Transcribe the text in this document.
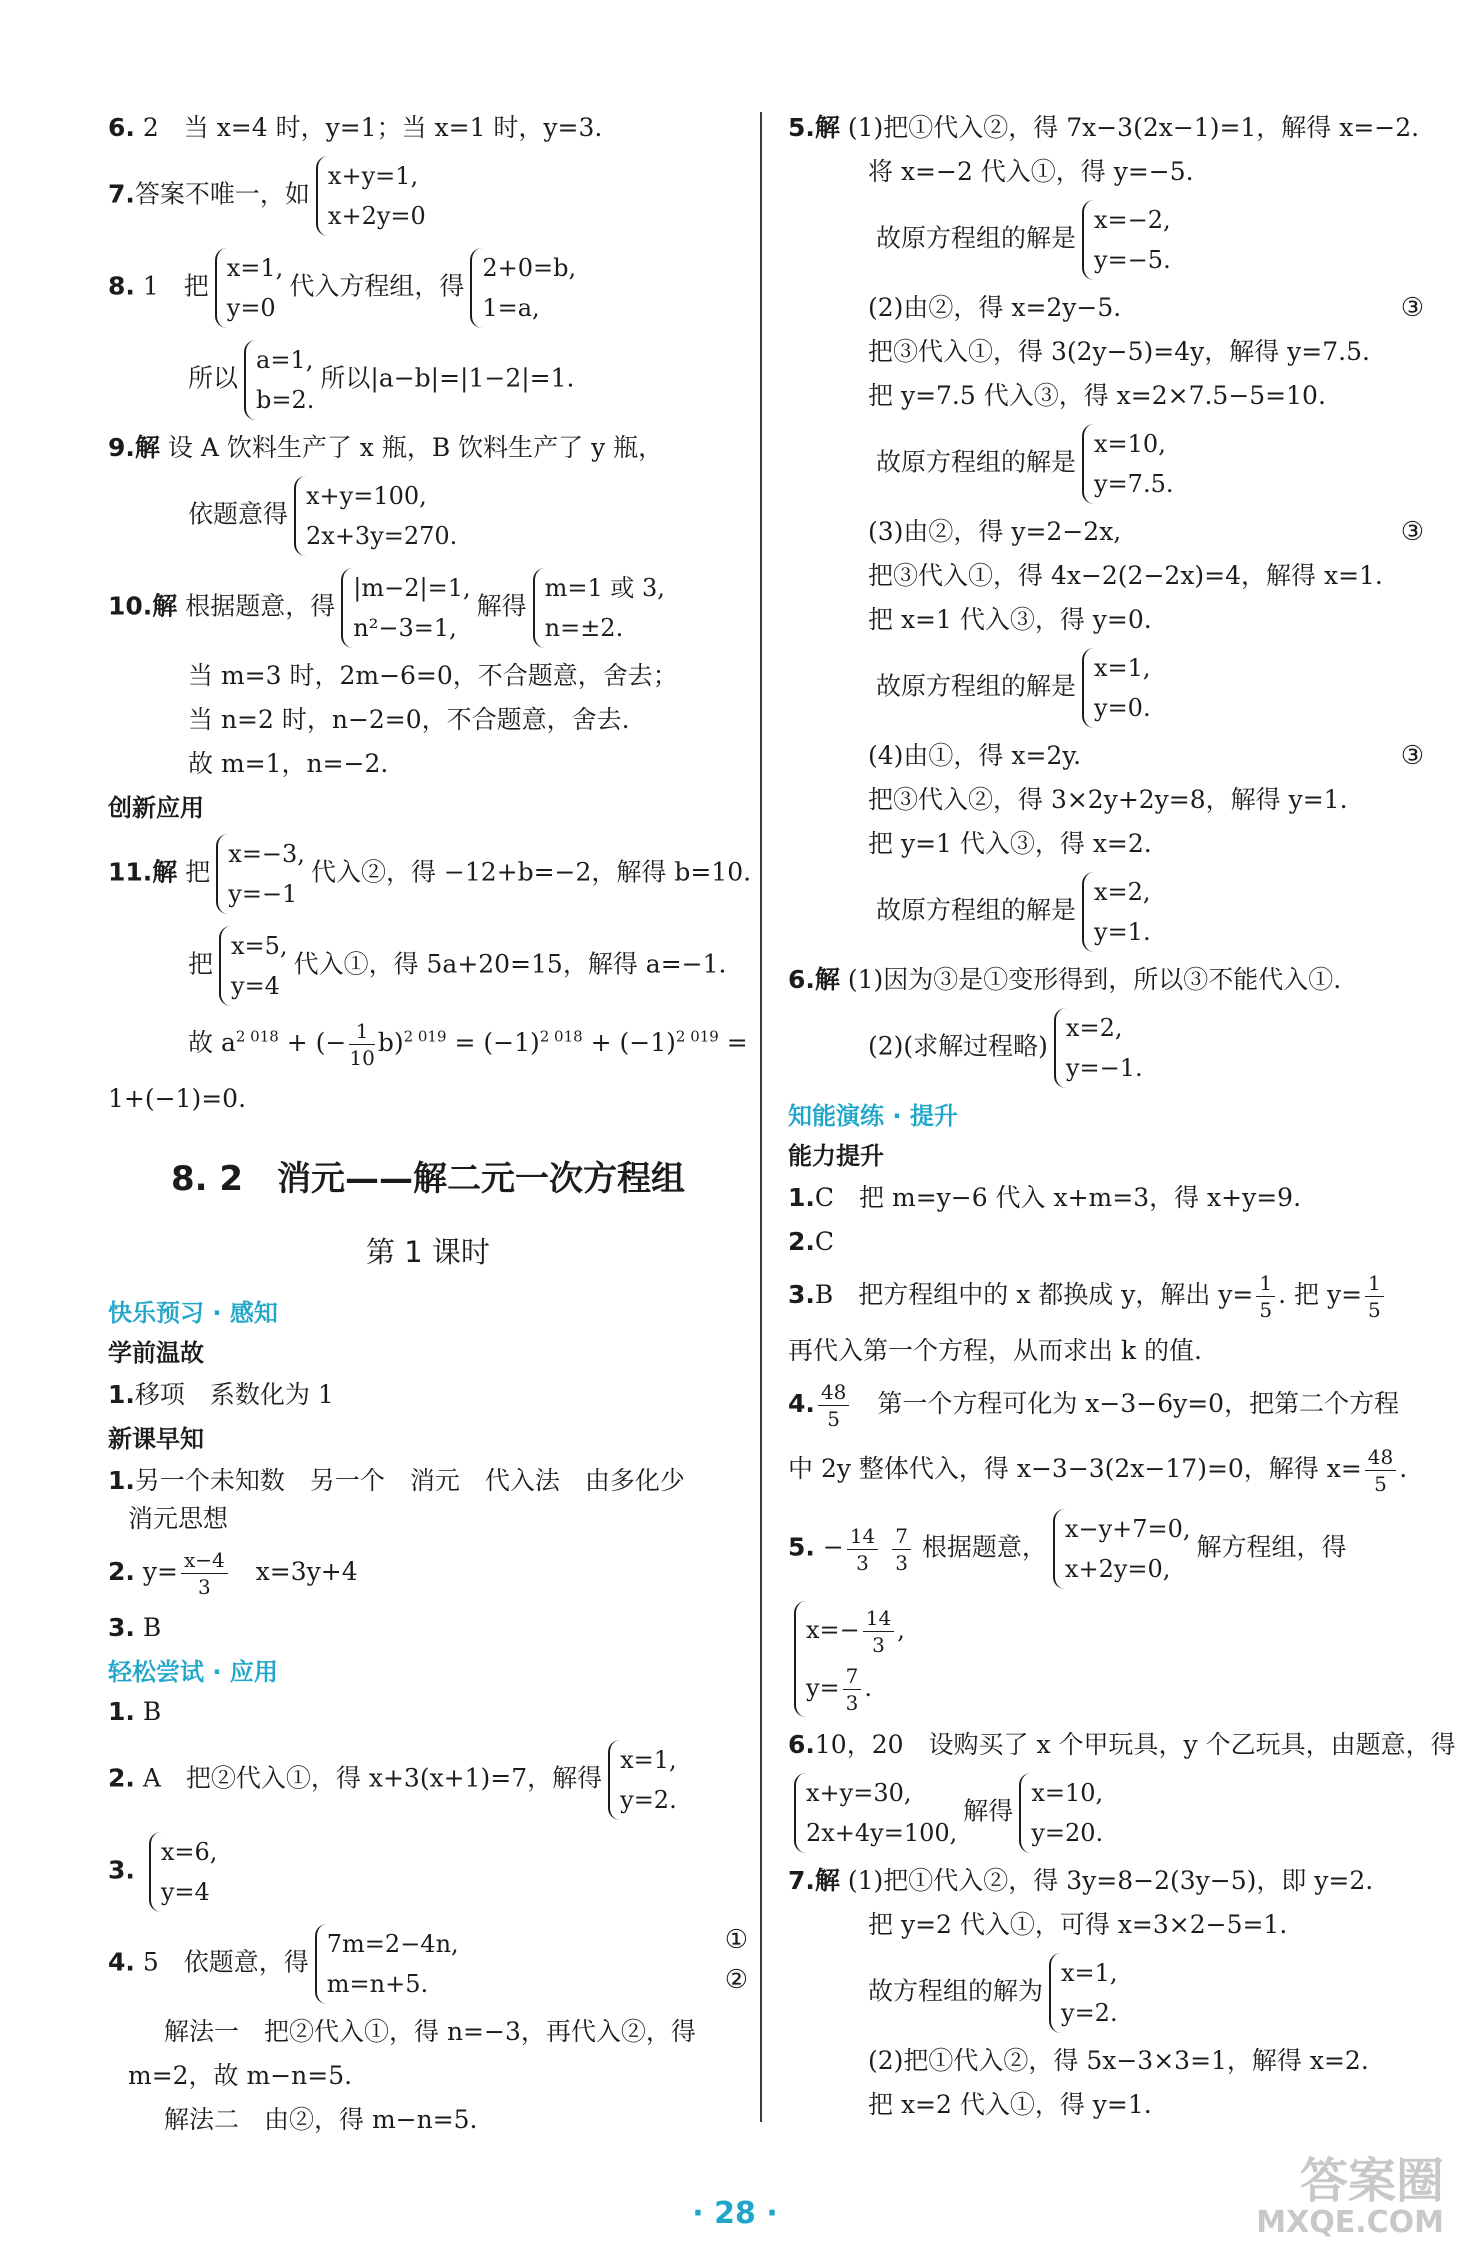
6. 2　当 x=4 时，y=1；当 x=1 时，y=3.
7.答案不唯一，如
x+y=1,
x+2y=0
8. 1　把
x=1,
y=0
代入方程组，得
2+0=b,
1=a,
所以
a=1,
b=2.
所以|a−b|=|1−2|=1.
9.解 设 A 饮料生产了 x 瓶，B 饮料生产了 y 瓶，
依题意得
x+y=100,
2x+3y=270.
10.解 根据题意，得
|m−2|=1,
n²−3=1,
解得
m=1 或 3,
n=±2.
当 m=3 时，2m−6=0，不合题意，舍去；
当 n=2 时，n−2=0，不合题意，舍去.
故 m=1，n=−2.
创新应用
11.解 把
x=−3,
y=−1
代入②，得 −12+b=−2，解得 b=10.
把
x=5,
y=4
代入①，得 5a+20=15，解得 a=−1.
故 $a^{2 018}$ + (− $\frac{1}{10} b)^{2 019} = (-1)^{2 018} + (-1)^{2 019}$ =
1+(−1)=0.
8. 2　消元——解二元一次方程组
第 1 课时
快乐预习 · 感知
学前温故
1.移项　系数化为 1
新课早知
1.另一个未知数　另一个　消元　代入法　由多化少
消元思想
2. $y= \frac{x-4}{3}$ 　x=3y+4
3. B
轻松尝试 · 应用
1. B
2. A　把②代入①，得 x+3(x+1)=7，解得
x=1,
y=2.
3.
x=6,
y=4
4. 5　依题意，得
7m=2−4n,
m=n+5.
①
②
解法一　把②代入①，得 n=−3，再代入②，得
m=2，故 m−n=5.
解法二　由②，得 m−n=5.
5.解 (1)把①代入②，得 7x−3(2x−1)=1，解得 x=−2.
将 x=−2 代入①，得 y=−5.
故原方程组的解是
x=−2,
y=−5.
(2)由②，得 x=2y−5.	③
把③代入①，得 3(2y−5)=4y，解得 y=7.5.
把 y=7.5 代入③，得 x=2×7.5−5=10.
故原方程组的解是
x=10,
y=7.5.
(3)由②，得 y=2−2x,	③
把③代入①，得 4x−2(2−2x)=4，解得 x=1.
把 x=1 代入③，得 y=0.
故原方程组的解是
x=1,
y=0.
(4)由①，得 x=2y.	③
把③代入②，得 3×2y+2y=8，解得 y=1.
把 y=1 代入③，得 x=2.
故原方程组的解是
x=2,
y=1.
6.解 (1)因为③是①变形得到，所以③不能代入①.
(2)(求解过程略)
x=2,
y=−1.
知能演练 · 提升
能力提升
1.C　把 m=y−6 代入 x+m=3，得 x+y=9.
2.C
3.B　把方程组中的 x 都换成 y，解出 $y= \frac{1}{5}$ . 把 $y= \frac{1}{5}$
再代入第一个方程，从而求出 k 的值.
4. $\frac{48}{5}$ 　第一个方程可化为 x−3−6y=0，把第二个方程
中 2y 整体代入，得 x−3−3(2x−17)=0，解得 $x= \frac{48}{5}$ .
5. − $\frac{14}{3}$
$\frac{7}{3}$ 根据题意，
x−y+7=0,
x+2y=0,
解方程组，得
$x=- \frac{14}{3}$ ,
$y= \frac{7}{3}$ .
6.10，20　设购买了 x 个甲玩具，y 个乙玩具，由题意，得
x+y=30,
2x+4y=100,
解得
x=10,
y=20.
7.解 (1)把①代入②，得 3y=8−2(3y−5)，即 y=2.
把 y=2 代入①，可得 x=3×2−5=1.
故方程组的解为
x=1,
y=2.
(2)把①代入②，得 5x−3×3=1，解得 x=2.
把 x=2 代入①，得 y=1.
· 28 ·
答案圈
MXQE.COM
